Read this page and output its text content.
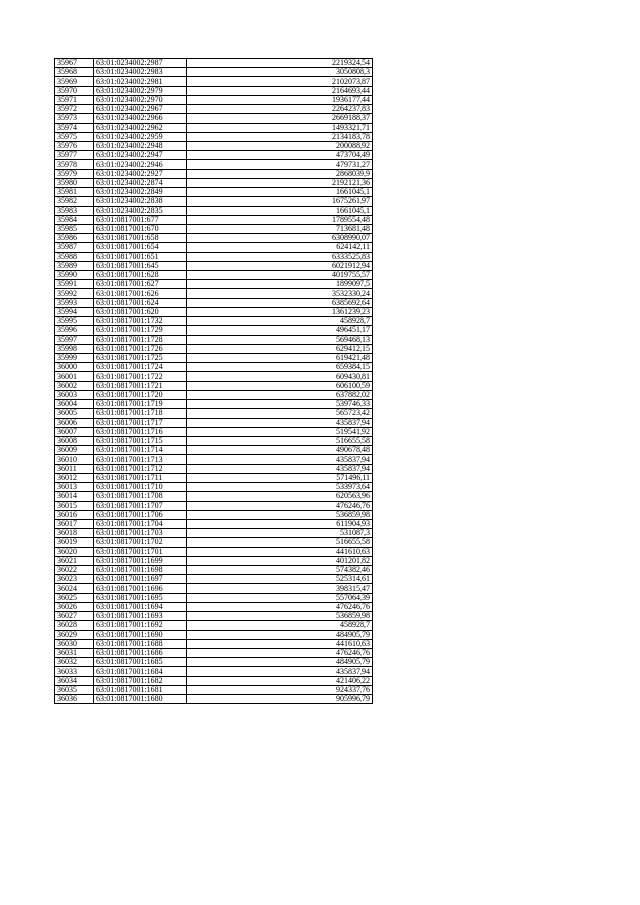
35967	63:01:0234002:2987	2219324,54
35968	63:01:0234002:2983	3050808,3
35969	63:01:0234002:2981	2102073,87
35970	63:01:0234002:2979	2164693,44
35971	63:01:0234002:2970	1936177,44
35972	63:01:0234002:2967	2264237,83
35973	63:01:0234002:2966	2669188,37
35974	63:01:0234002:2962	1493321,71
35975	63:01:0234002:2959	2134183,78
35976	63:01:0234002:2948	200088,92
35977	63:01:0234002:2947	473704,49
35978	63:01:0234002:2946	479731,27
35979	63:01:0234002:2927	2868039,9
35980	63:01:0234002:2874	2192121,36
35981	63:01:0234002:2849	1661045,1
35982	63:01:0234002:2838	1675261,97
35983	63:01:0234002:2835	1661045,1
35984	63:01:0817001:677	1789554,48
35985	63:01:0817001:670	713681,48
35986	63:01:0817001:658	6308990,07
35987	63:01:0817001:654	624142,11
35988	63:01:0817001:651	6333525,83
35989	63:01:0817001:645	6021912,94
35990	63:01:0817001:628	4019755,57
35991	63:01:0817001:627	1899097,5
35992	63:01:0817001:626	3532330,24
35993	63:01:0817001:624	6385692,64
35994	63:01:0817001:620	1361239,23
35995	63:01:0817001:1732	458928,7
35996	63:01:0817001:1729	496451,17
35997	63:01:0817001:1728	569468,13
35998	63:01:0817001:1726	629412,15
35999	63:01:0817001:1725	619421,48
36000	63:01:0817001:1724	659384,15
36001	63:01:0817001:1722	609430,81
36002	63:01:0817001:1721	606100,59
36003	63:01:0817001:1720	637882,02
36004	63:01:0817001:1719	539746,33
36005	63:01:0817001:1718	565723,42
36006	63:01:0817001:1717	435837,94
36007	63:01:0817001:1716	519541,92
36008	63:01:0817001:1715	516655,58
36009	63:01:0817001:1714	490678,48
36010	63:01:0817001:1713	435837,94
36011	63:01:0817001:1712	435837,94
36012	63:01:0817001:1711	571496,11
36013	63:01:0817001:1710	533973,64
36014	63:01:0817001:1708	620563,96
36015	63:01:0817001:1707	476246,76
36016	63:01:0817001:1706	536859,98
36017	63:01:0817001:1704	611904,93
36018	63:01:0817001:1703	531087,3
36019	63:01:0817001:1702	516655,58
36020	63:01:0817001:1701	441610,63
36021	63:01:0817001:1699	401201,82
36022	63:01:0817001:1698	574382,46
36023	63:01:0817001:1697	525314,61
36024	63:01:0817001:1696	398315,47
36025	63:01:0817001:1695	557064,39
36026	63:01:0817001:1694	476246,76
36027	63:01:0817001:1693	536859,98
36028	63:01:0817001:1692	458928,7
36029	63:01:0817001:1690	484905,79
36030	63:01:0817001:1688	441610,63
36031	63:01:0817001:1686	476246,76
36032	63:01:0817001:1685	484905,79
36033	63:01:0817001:1684	435837,94
36034	63:01:0817001:1682	421406,22
36035	63:01:0817001:1681	924337,76
36036	63:01:0817001:1680	905996,79
